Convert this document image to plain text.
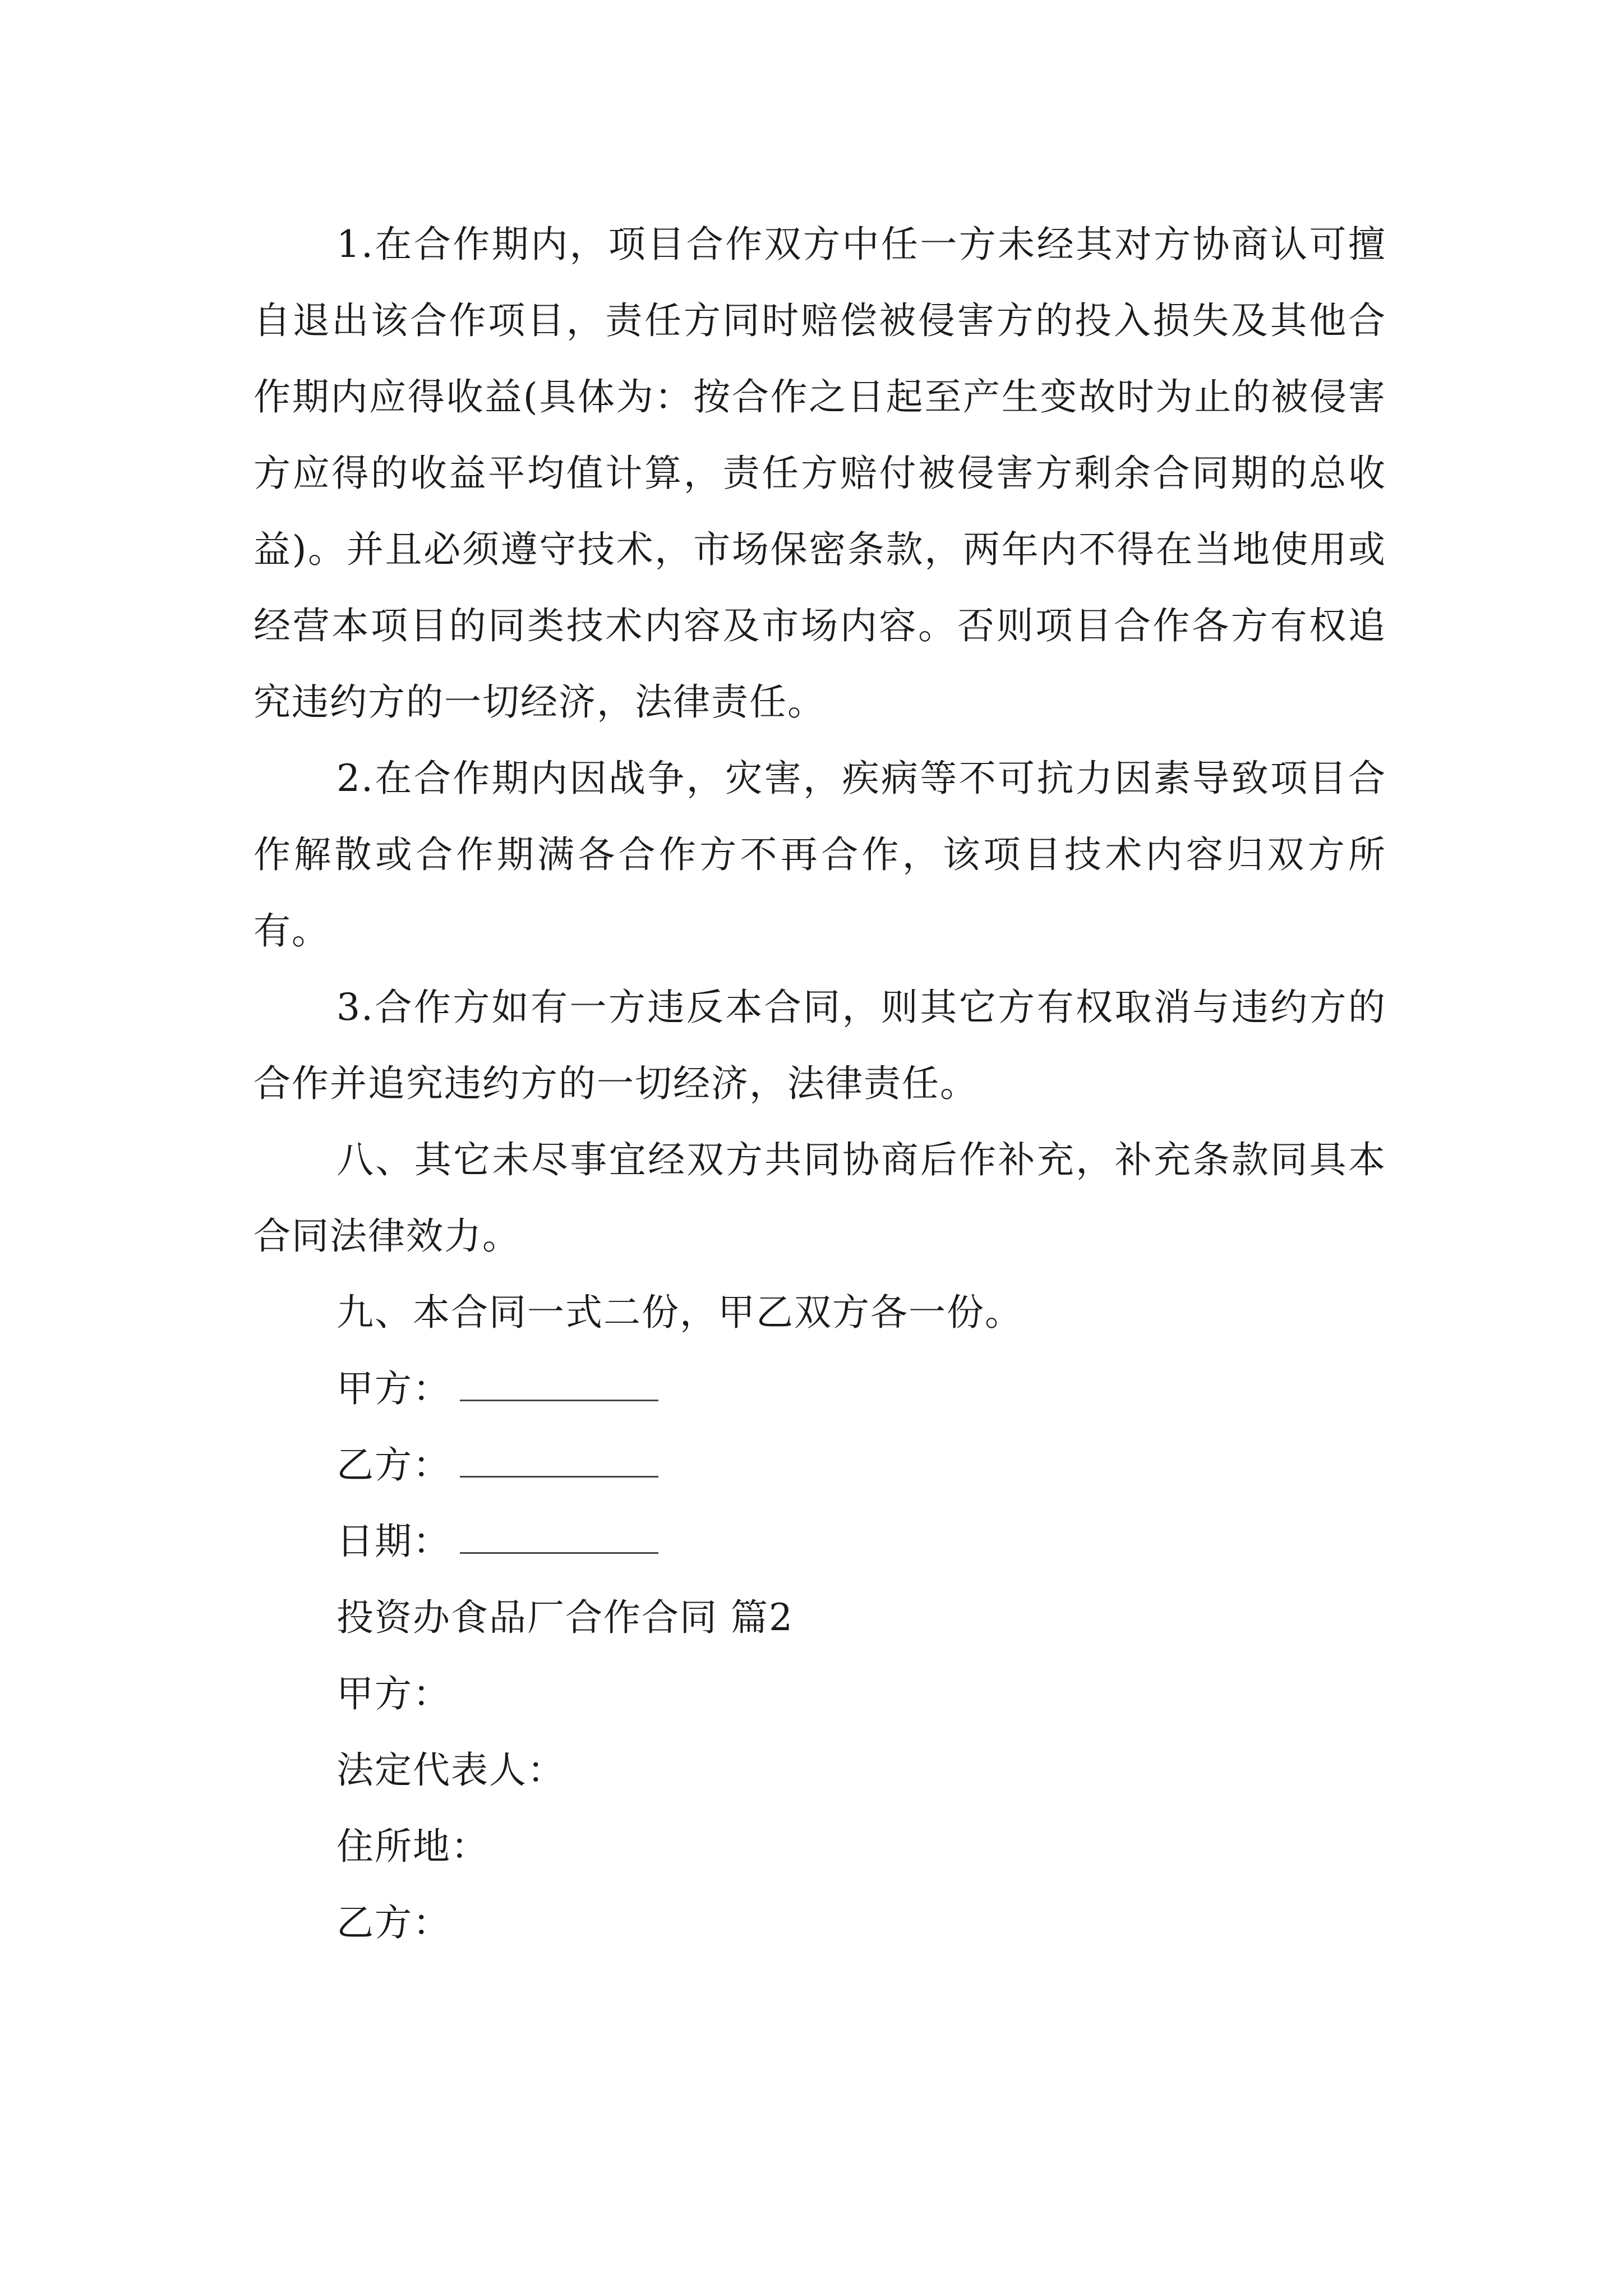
1.在合作期内，项目合作双方中任一方未经其对方协商认可擅自退出该合作项目，责任方同时赔偿被侵害方的投入损失及其他合作期内应得收益(具体为：按合作之日起至产生变故时为止的被侵害方应得的收益平均值计算，责任方赔付被侵害方剩余合同期的总收益)。并且必须遵守技术，市场保密条款，两年内不得在当地使用或经营本项目的同类技术内容及市场内容。否则项目合作各方有权追究违约方的一切经济，法律责任。

2.在合作期内因战争，灾害，疾病等不可抗力因素导致项目合作解散或合作期满各合作方不再合作，该项目技术内容归双方所有。

3.合作方如有一方违反本合同，则其它方有权取消与违约方的合作并追究违约方的一切经济，法律责任。

八、其它未尽事宜经双方共同协商后作补充，补充条款同具本合同法律效力。

九、本合同一式二份，甲乙双方各一份。

甲方：
乙方：
日期：

投资办食品厂合作合同 篇2

甲方：

法定代表人：

住所地：

乙方：
